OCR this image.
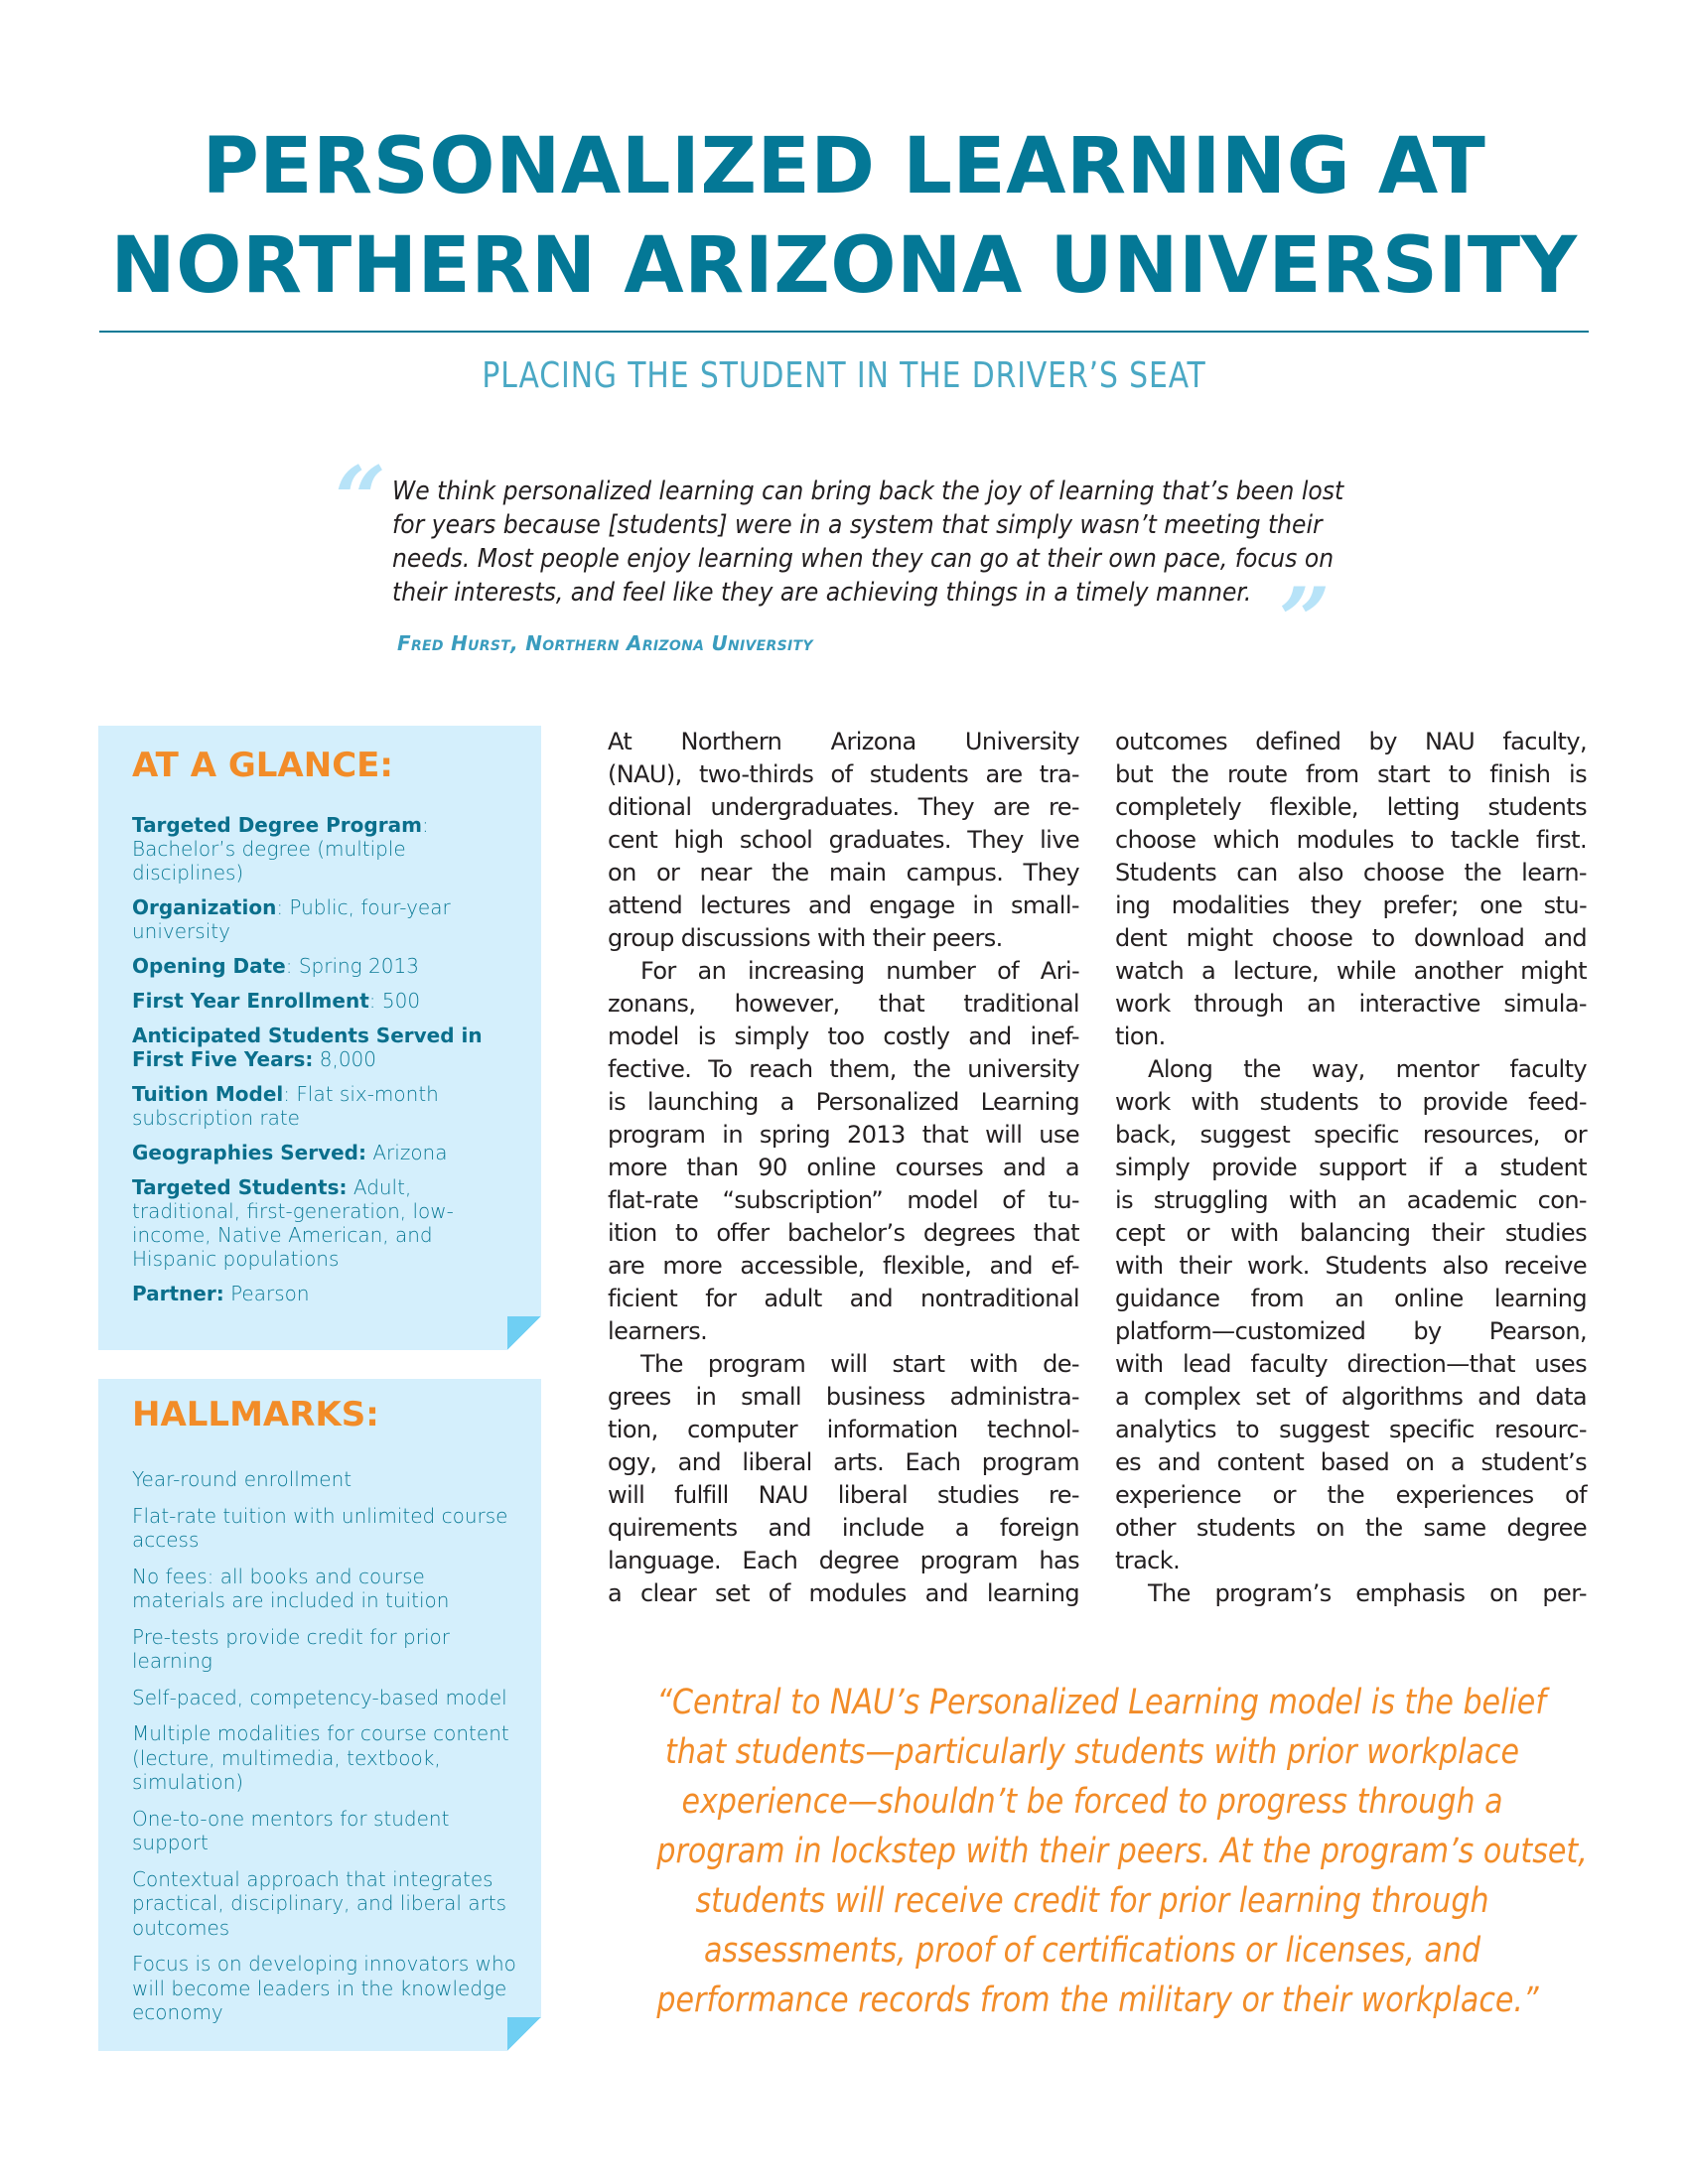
PERSONALIZED LEARNING AT
NORTHERN ARIZONA UNIVERSITY
PLACING THE STUDENT IN THE DRIVER’S SEAT
“ We think personalized learning can bring back the joy of learning that’s been lost
for years because [students] were in a system that simply wasn’t meeting their
needs. Most people enjoy learning when they can go at their own pace, focus on
their interests, and feel like they are achieving things in a timely manner. ”
Fred Hurst, Northern Arizona University
AT A GLANCE:
Targeted Degree Program: Bachelor’s degree (multiple disciplines)
Organization: Public, four-year university
Opening Date: Spring 2013
First Year Enrollment: 500
Anticipated Students Served in First Five Years: 8,000
Tuition Model: Flat six-month subscription rate
Geographies Served: Arizona
Targeted Students: Adult, traditional, first-generation, low-income, Native American, and Hispanic populations
Partner: Pearson
HALLMARKS:
Year-round enrollment
Flat-rate tuition with unlimited course access
No fees: all books and course materials are included in tuition
Pre-tests provide credit for prior learning
Self-paced, competency-based model
Multiple modalities for course content (lecture, multimedia, textbook, simulation)
One-to-one mentors for student support
Contextual approach that integrates practical, disciplinary, and liberal arts outcomes
Focus is on developing innovators who will become leaders in the knowledge economy
At Northern Arizona University
(NAU), two-thirds of students are tra-
ditional undergraduates. They are re-
cent high school graduates. They live
on or near the main campus. They
attend lectures and engage in small-
group discussions with their peers.
For an increasing number of Ari-
zonans, however, that traditional
model is simply too costly and inef-
fective. To reach them, the university
is launching a Personalized Learning
program in spring 2013 that will use
more than 90 online courses and a
flat-rate “subscription” model of tu-
ition to offer bachelor’s degrees that
are more accessible, flexible, and ef-
ficient for adult and nontraditional
learners.
The program will start with de-
grees in small business administra-
tion, computer information technol-
ogy, and liberal arts. Each program
will fulfill NAU liberal studies re-
quirements and include a foreign
language. Each degree program has
a clear set of modules and learning
outcomes defined by NAU faculty,
but the route from start to finish is
completely flexible, letting students
choose which modules to tackle first.
Students can also choose the learn-
ing modalities they prefer; one stu-
dent might choose to download and
watch a lecture, while another might
work through an interactive simula-
tion.
Along the way, mentor faculty
work with students to provide feed-
back, suggest specific resources, or
simply provide support if a student
is struggling with an academic con-
cept or with balancing their studies
with their work. Students also receive
guidance from an online learning
platform—customized by Pearson,
with lead faculty direction—that uses
a complex set of algorithms and data
analytics to suggest specific resourc-
es and content based on a student’s
experience or the experiences of
other students on the same degree
track.
The program’s emphasis on per-
“Central to NAU’s Personalized Learning model is the belief
that students—particularly students with prior workplace
experience—shouldn’t be forced to progress through a
program in lockstep with their peers. At the program’s outset,
students will receive credit for prior learning through
assessments, proof of certifications or licenses, and
performance records from the military or their workplace.”
